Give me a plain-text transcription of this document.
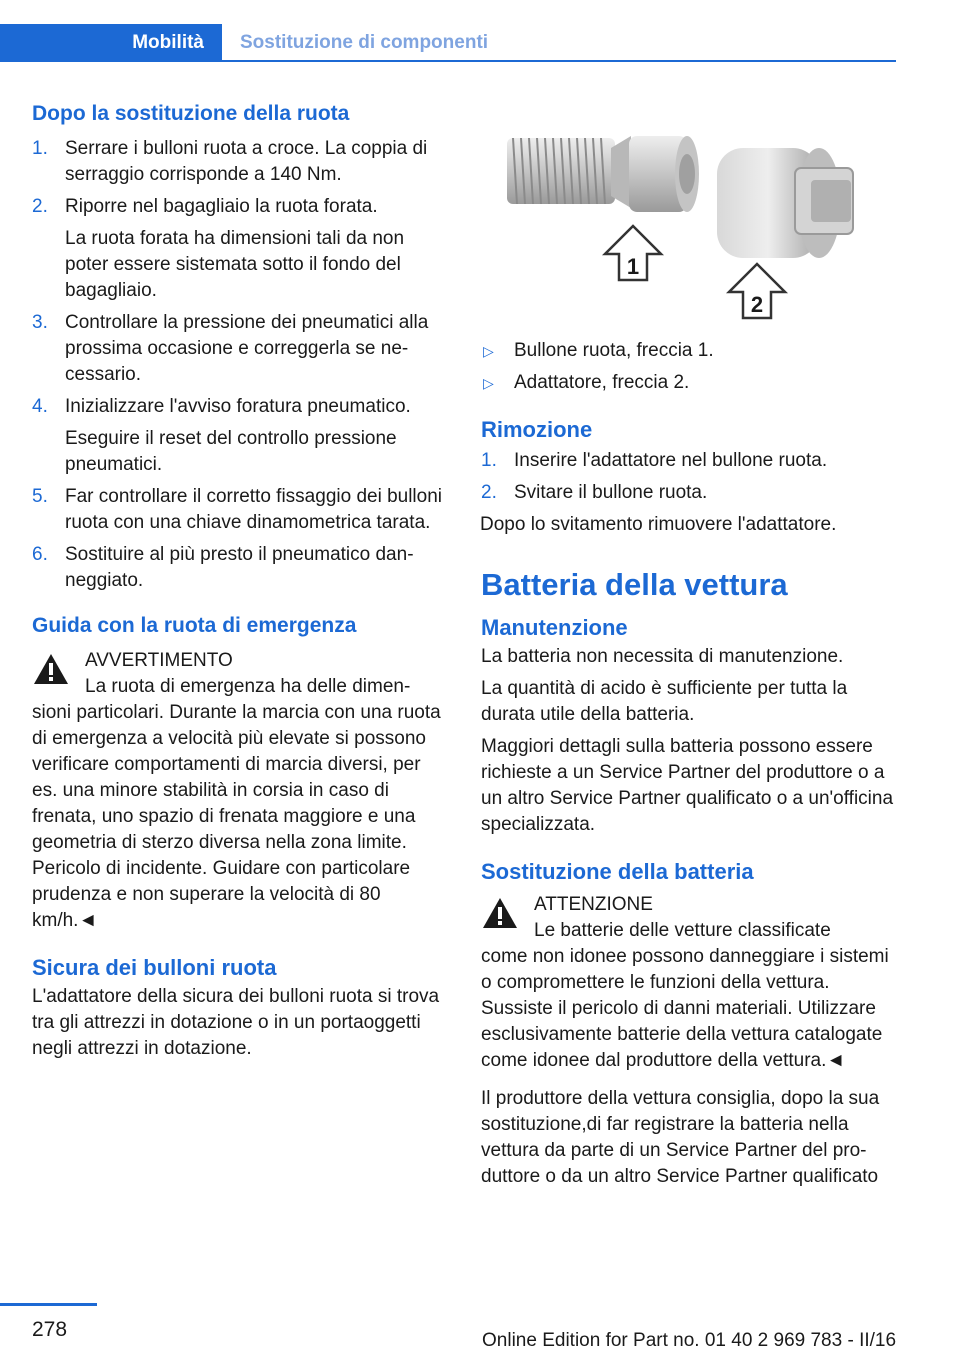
Mobilità Sostituzione di componenti
Dopo la sostituzione della ruota
1. Serrare i bulloni ruota a croce. La coppia di serraggio corrisponde a 140 Nm.
2. Riporre nel bagagliaio la ruota forata.

La ruota forata ha dimensioni tali da non poter essere sistemata sotto il fondo del bagagliaio.

3. Controllare la pressione dei pneumatici alla prossima occasione e correggerla se necessario.
4. Inizializzare l'avviso foratura pneumatico.

Eseguire il reset del controllo pressione pneumatici.

5. Far controllare il corretto fissaggio dei bulloni ruota con una chiave dinamometrica tarata.
6. Sostituire al più presto il pneumatico danneggiato.
Guida con la ruota di emergenza
AVVERTIMENTO
La ruota di emergenza ha delle dimen-
sioni particolari. Durante la marcia con una ruota di emergenza a velocità più elevate si possono verificare comportamenti di marcia diversi, per es. una minore stabilità in corsia in caso di frenata, uno spazio di frenata maggiore e una geometria di sterzo diversa nella zona limite. Pericolo di incidente. Guidare con particolare prudenza e non superare la velocità di 80 km/h.◄
Sicura dei bulloni ruota

L'adattatore della sicura dei bulloni ruota si trova tra gli attrezzi in dotazione o in un portaoggetti negli attrezzi in dotazione.

1
2
▷ Bullone ruota, freccia 1.
▷ Adattatore, freccia 2.
Rimozione
1. Inserire l'adattatore nel bullone ruota.
2. Svitare il bullone ruota.

Dopo lo svitamento rimuovere l'adattatore.

Batteria della vettura
Manutenzione

La batteria non necessita di manutenzione.

La quantità di acido è sufficiente per tutta la durata utile della batteria.

Maggiori dettagli sulla batteria possono essere richieste a un Service Partner del produttore o a un altro Service Partner qualificato o a un'officina specializzata.

Sostituzione della batteria
ATTENZIONE
Le batterie delle vetture classificate
come non idonee possono danneggiare i sistemi o compromettere le funzioni della vettura. Sussiste il pericolo di danni materiali. Utilizzare esclusivamente batterie della vettura catalogate come idonee dal produttore della vettura.◄

Il produttore della vettura consiglia, dopo la sua sostituzione,di far registrare la batteria nella vettura da parte di un Service Partner del produttore o da un altro Service Partner qualificato

278	Online Edition for Part no. 01 40 2 969 783 - II/16
